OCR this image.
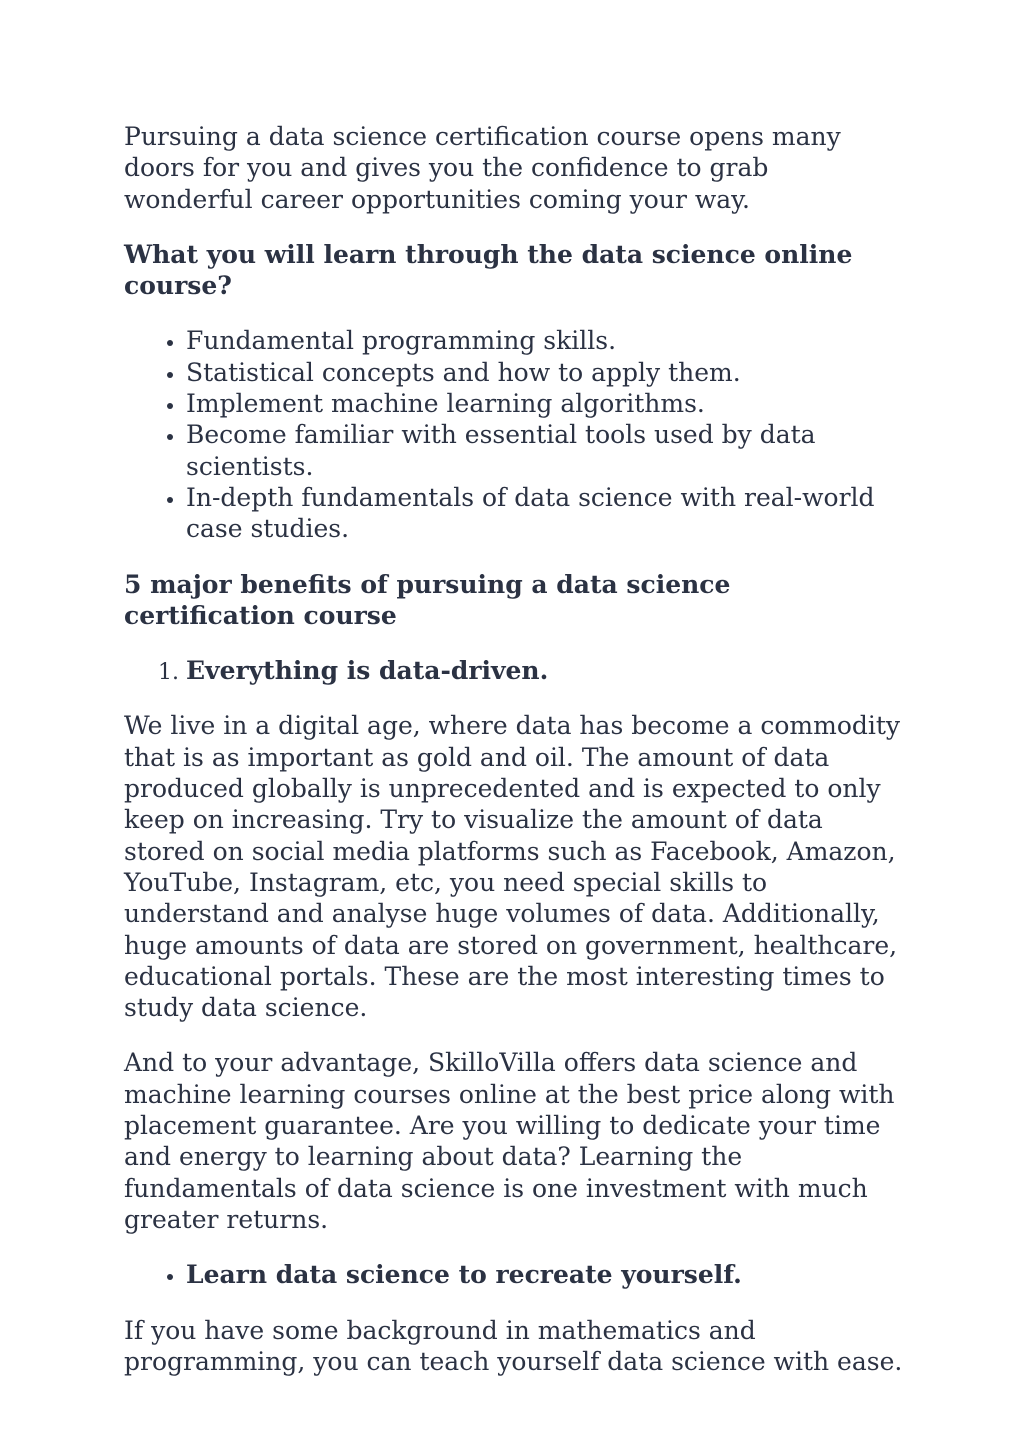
Pursuing a data science certification course opens many doors for you and gives you the confidence to grab wonderful career opportunities coming your way.

What you will learn through the data science online course?
• Fundamental programming skills.
• Statistical concepts and how to apply them.
• Implement machine learning algorithms.
• Become familiar with essential tools used by data scientists.
• In-depth fundamentals of data science with real-world case studies.
5 major benefits of pursuing a data science certification course
1. Everything is data-driven.

We live in a digital age, where data has become a commodity that is as important as gold and oil. The amount of data produced globally is unprecedented and is expected to only keep on increasing. Try to visualize the amount of data stored on social media platforms such as Facebook, Amazon, YouTube, Instagram, etc, you need special skills to understand and analyse huge volumes of data. Additionally, huge amounts of data are stored on government, healthcare, educational portals. These are the most interesting times to study data science.

And to your advantage, SkilloVilla offers data science and machine learning courses online at the best price along with placement guarantee. Are you willing to dedicate your time and energy to learning about data? Learning the fundamentals of data science is one investment with much greater returns.

• Learn data science to recreate yourself.

If you have some background in mathematics and programming, you can teach yourself data science with ease.
